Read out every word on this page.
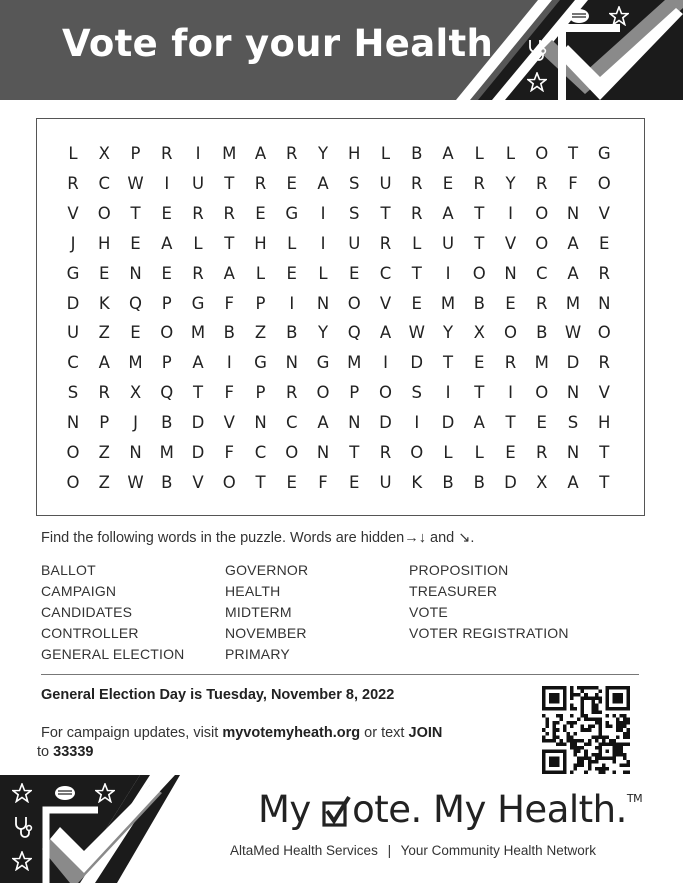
Vote for your Health
L	X	P	R	I	M	A	R	Y	H	L	B	A	L	L	O	T	G
R	C	W	I	U	T	R	E	A	S	U	R	E	R	Y	R	F	O
V	O	T	E	R	R	E	G	I	S	T	R	A	T	I	O	N	V
J	H	E	A	L	T	H	L	I	U	R	L	U	T	V	O	A	E
G	E	N	E	R	A	L	E	L	E	C	T	I	O	N	C	A	R
D	K	Q	P	G	F	P	I	N	O	V	E	M	B	E	R	M	N
U	Z	E	O	M	B	Z	B	Y	Q	A	W	Y	X	O	B	W	O
C	A	M	P	A	I	G	N	G	M	I	D	T	E	R	M	D	R
S	R	X	Q	T	F	P	R	O	P	O	S	I	T	I	O	N	V
N	P	J	B	D	V	N	C	A	N	D	I	D	A	T	E	S	H
O	Z	N	M	D	F	C	O	N	T	R	O	L	L	E	R	N	T
O	Z	W	B	V	O	T	E	F	E	U	K	B	B	D	X	A	T
Find the following words in the puzzle. Words are hidden→↓ and ↘.
BALLOT
CAMPAIGN
CANDIDATES
CONTROLLER
GENERAL ELECTION
GOVERNOR
HEALTH
MIDTERM
NOVEMBER
PRIMARY
PROPOSITION
TREASURER
VOTE
VOTER REGISTRATION
General Election Day is Tuesday, November 8, 2022
For campaign updates, visit myvotemyheath.org or text JOIN
to 33339
My ote. My Health.™
AltaMed Health Services | Your Community Health Network
